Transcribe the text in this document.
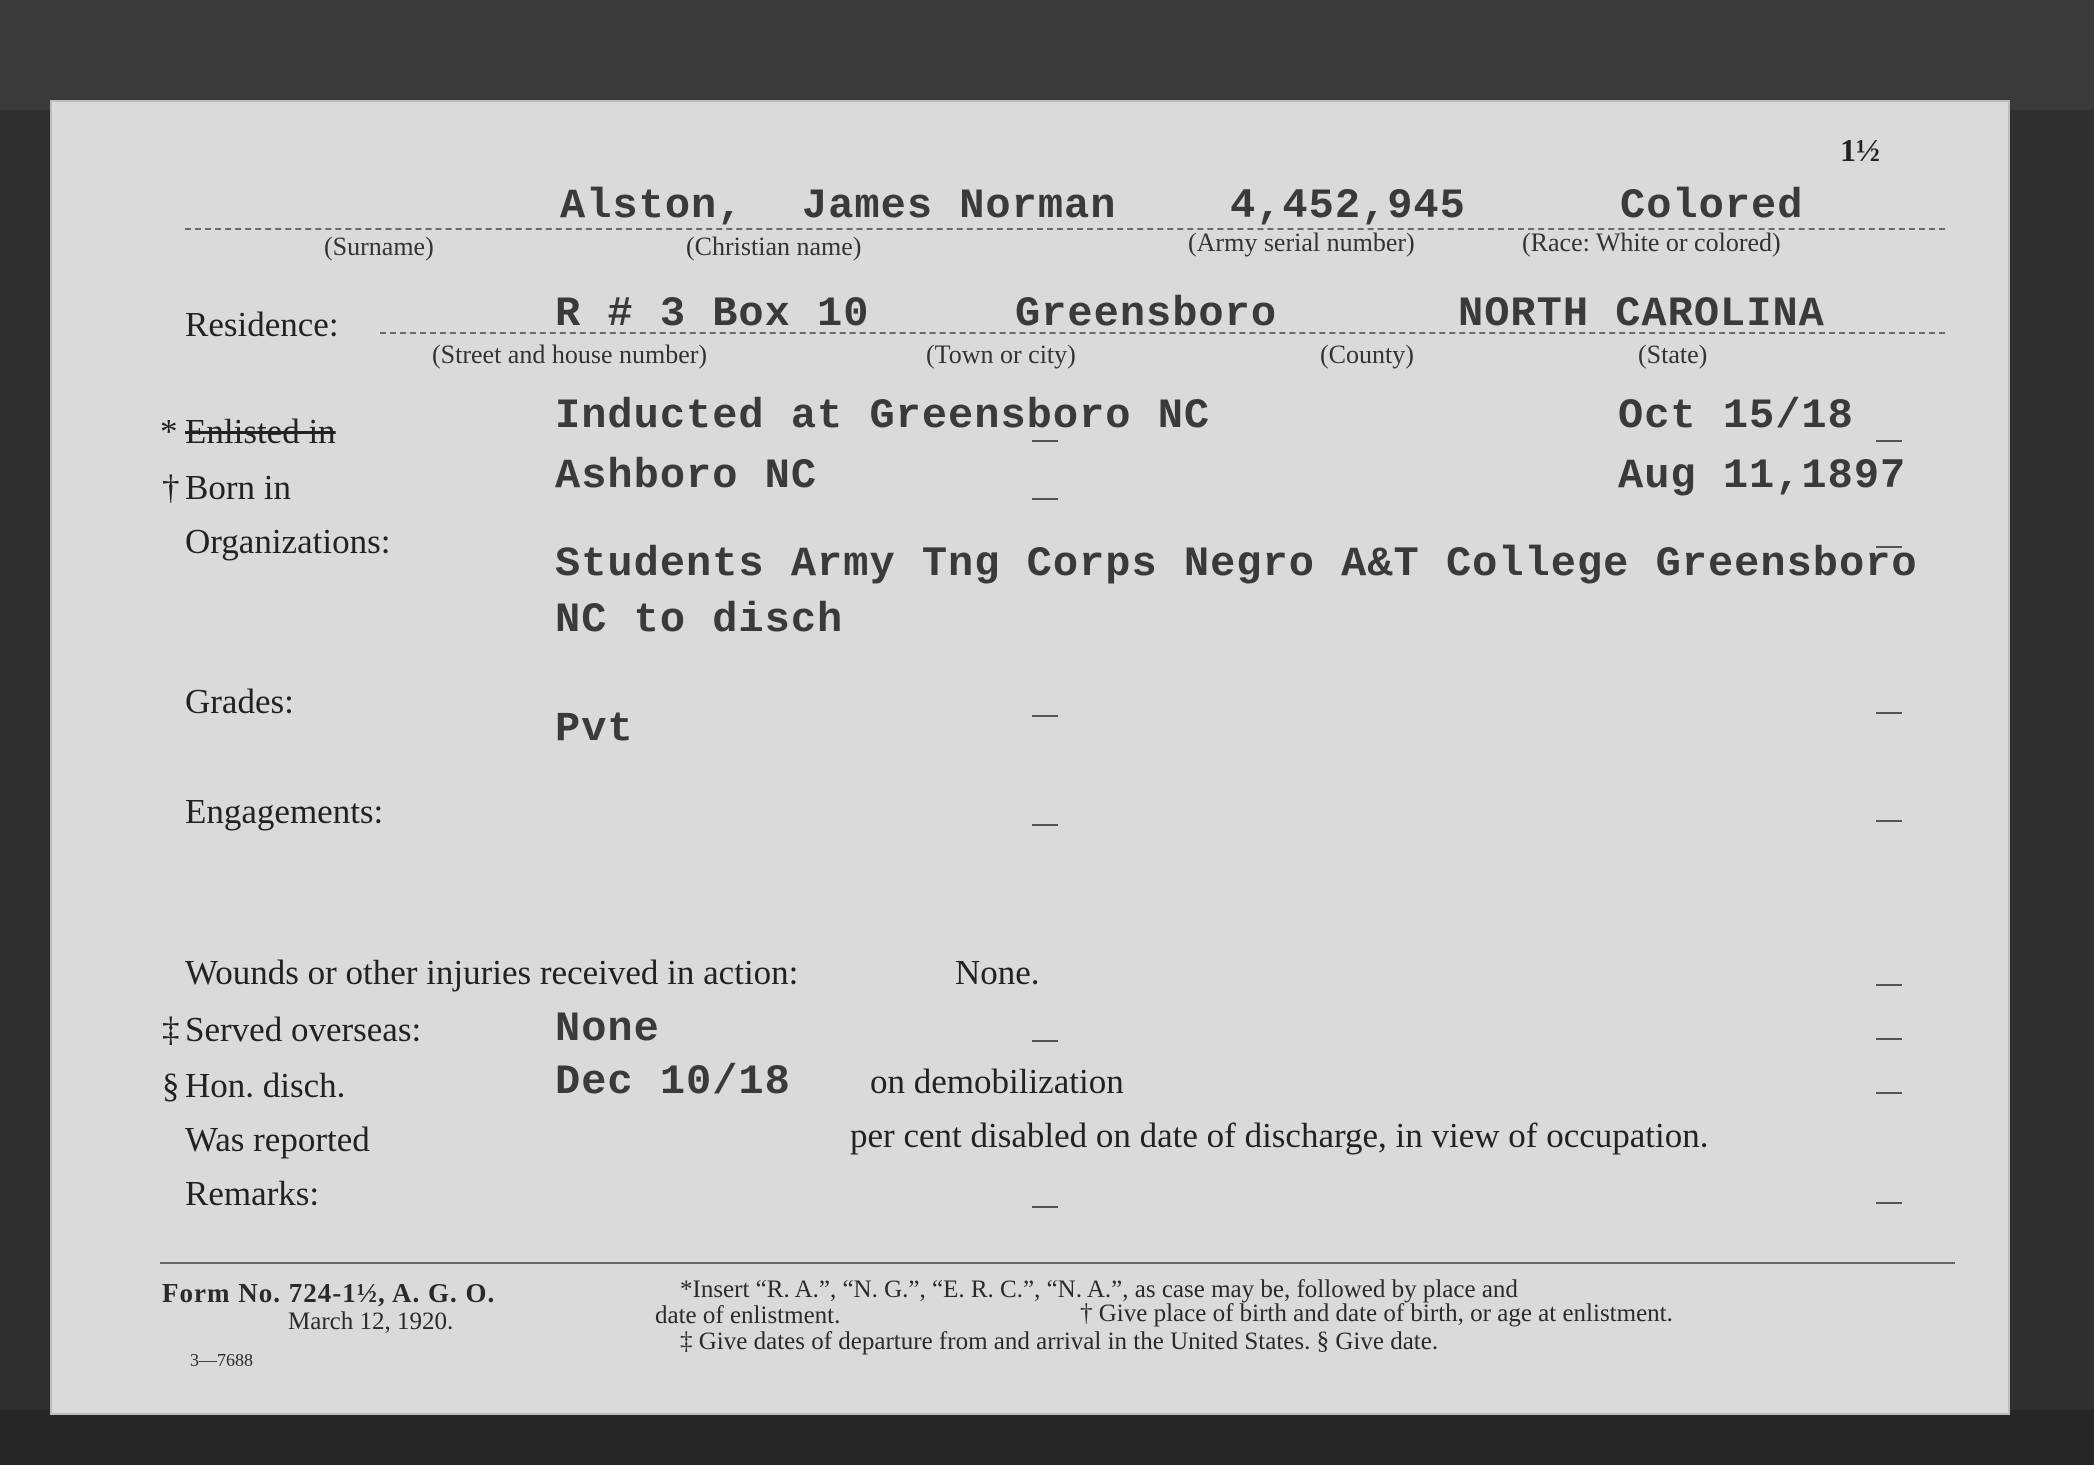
1½
Alston, James Norman	4,452,945	Colored
(Surname)	(Christian name)	(Army serial number)	(Race: White or colored)
Residence:	R # 3 Box 10	Greensboro	NORTH CAROLINA
(Street and house number)	(Town or city)	(County)	(State)
* Enlisted in	Inducted at Greensboro NC	Oct 15/18
† Born in	Ashboro NC	Aug 11,1897
Organizations:	Students Army Tng Corps Negro A&T College Greensboro
NC to disch
Grades:
Pvt
Engagements:
Wounds or other injuries received in action:	None.
‡ Served overseas:	None
§ Hon. disch.	Dec 10/18 on demobilization
Was reported	per cent disabled on date of discharge, in view of occupation.
Remarks:
Form No. 724-1½, A. G. O.
March 12, 1920.
3—7688
*Insert “R. A.”, “N. G.”, “E. R. C.”, “N. A.”, as case may be, followed by place and
date of enlistment.	† Give place of birth and date of birth, or age at enlistment.
‡ Give dates of departure from and arrival in the United States. § Give date.
